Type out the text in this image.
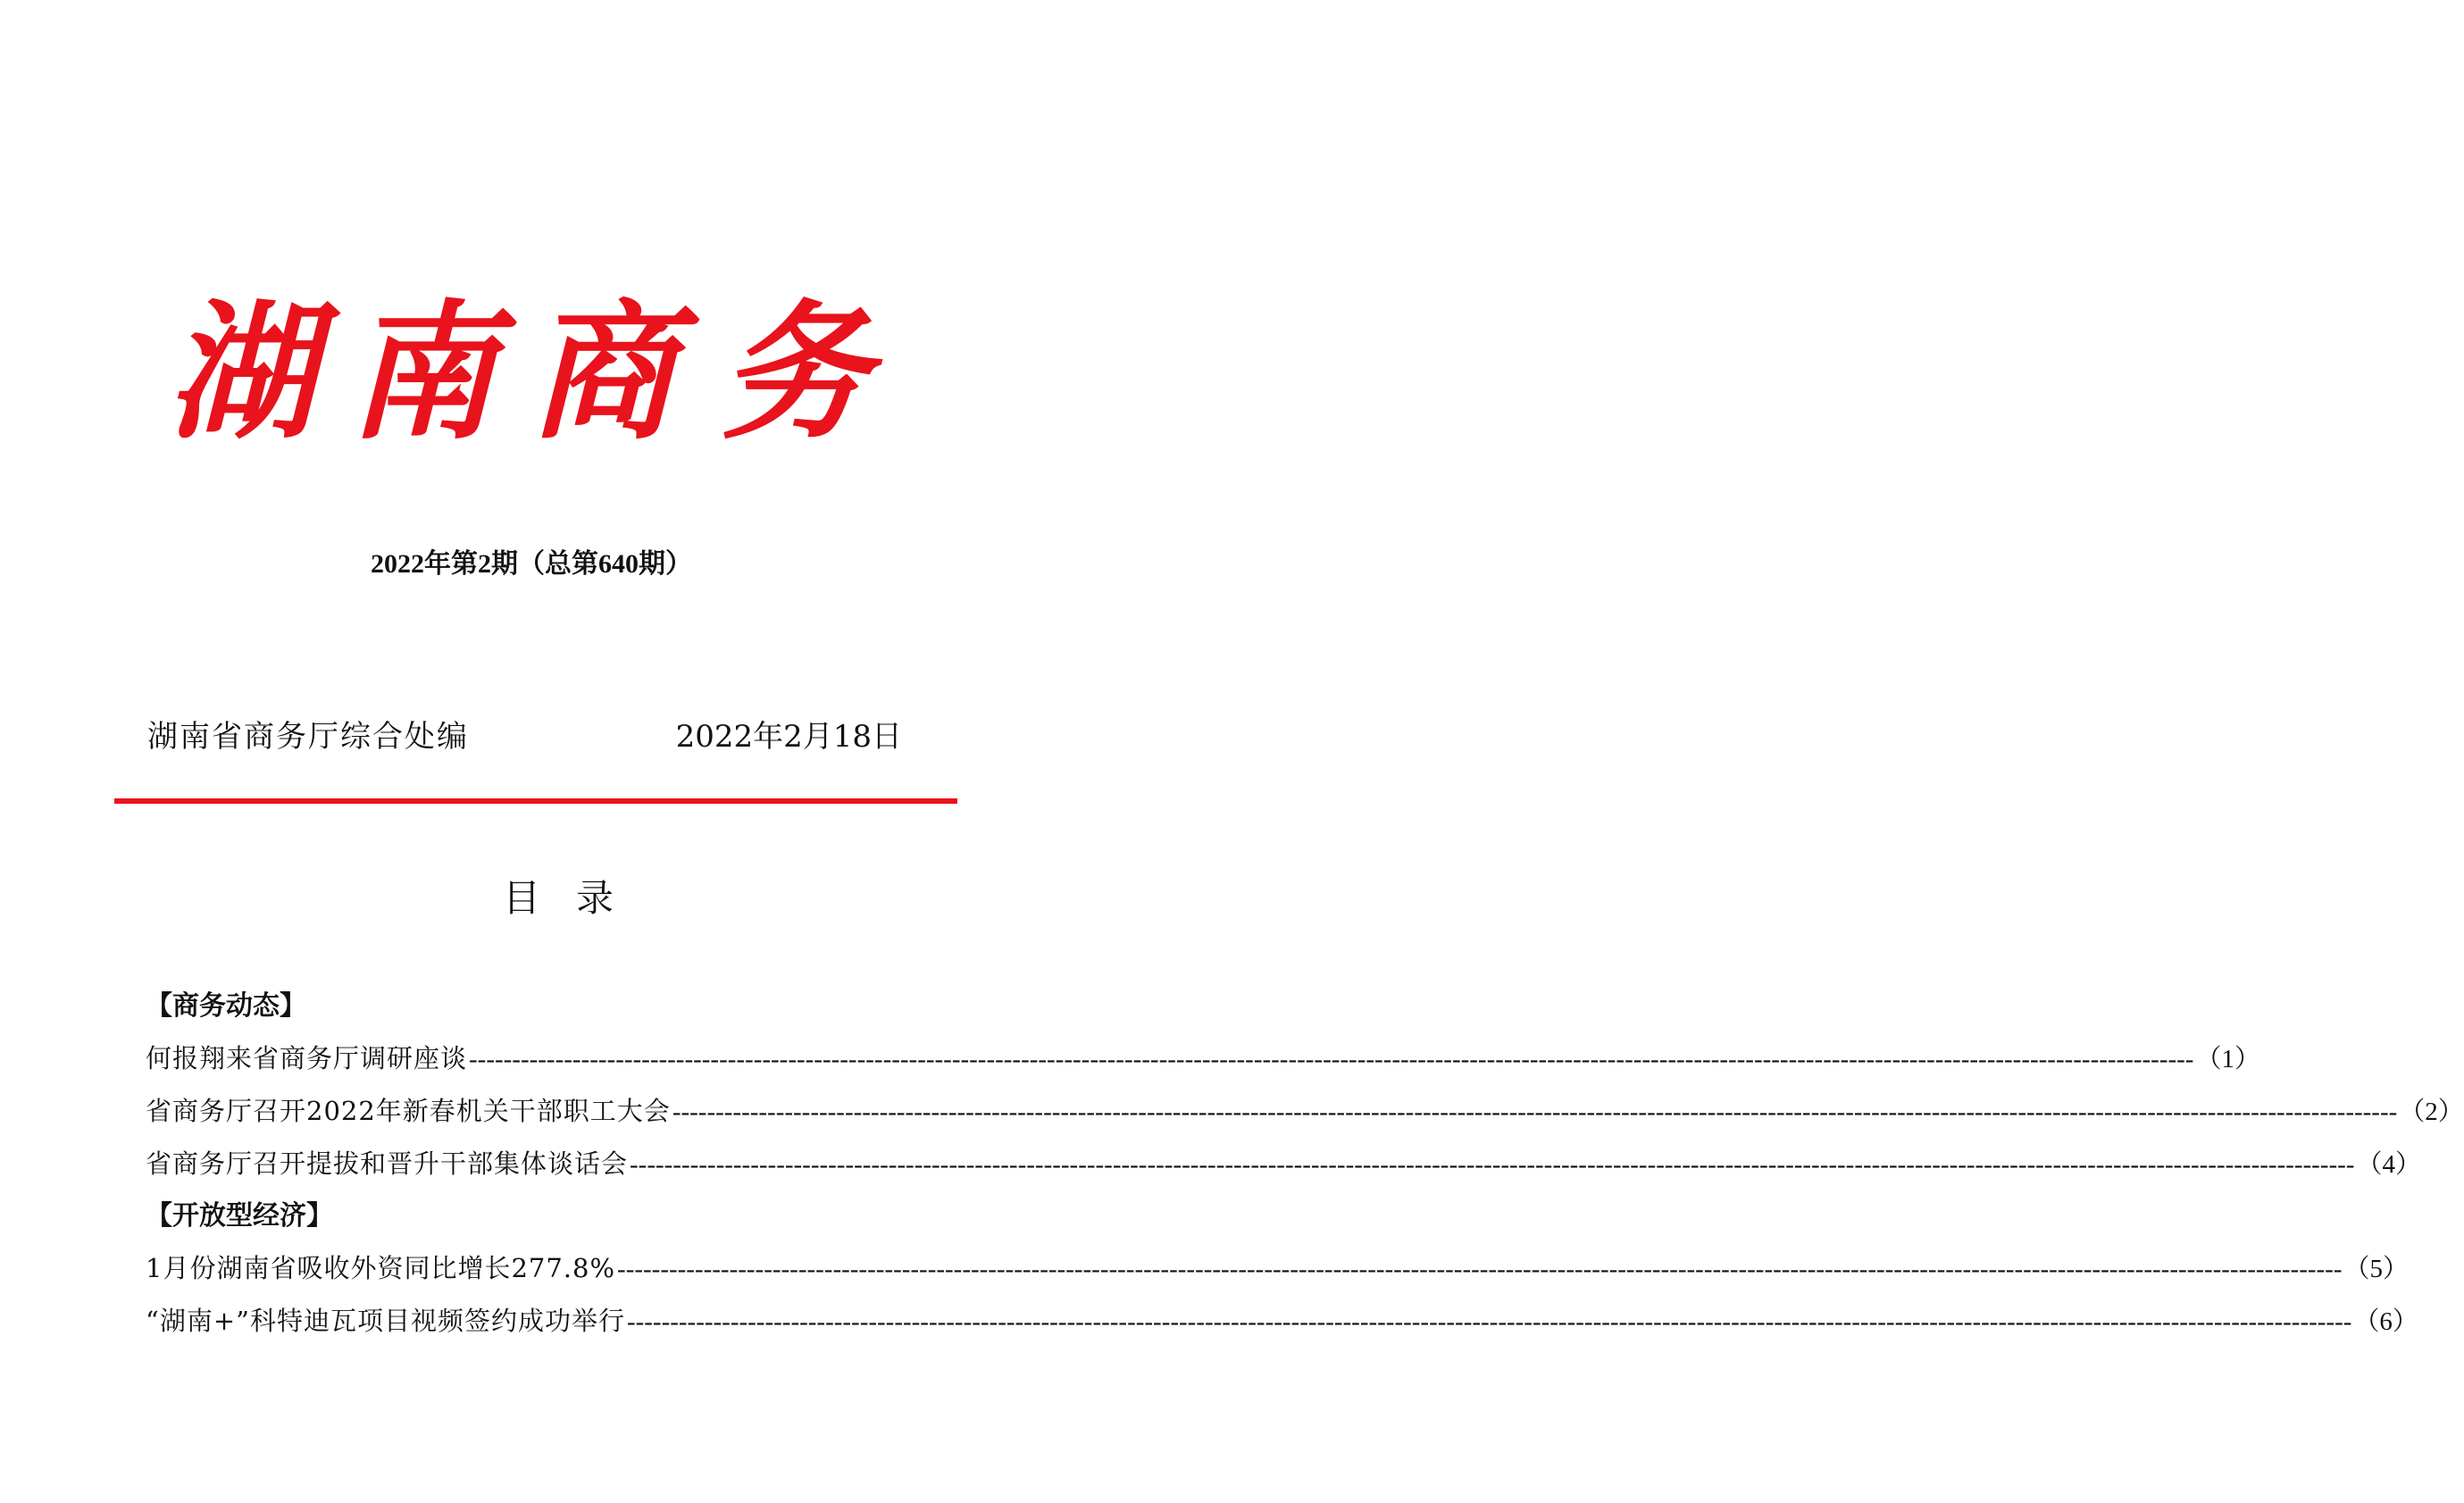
湖 南 商 务
2022年第2期（总第640期）
湖南省商务厅综合处编	2022年2月18日
目录
【商务动态】
何报翔来省商务厅调研座谈 -------------------------------------------------------------------------------------------------------------------------------------------------------------------------------------------------------- （1）
省商务厅召开2022年新春机关干部职工大会 -------------------------------------------------------------------------------------------------------------------------------------------------------------------------------------------------------- （2）
省商务厅召开提拔和晋升干部集体谈话会 -------------------------------------------------------------------------------------------------------------------------------------------------------------------------------------------------------- （4）
【开放型经济】
1月份湖南省吸收外资同比增长277.8% -------------------------------------------------------------------------------------------------------------------------------------------------------------------------------------------------------- （5）
“湖南+”科特迪瓦项目视频签约成功举行 -------------------------------------------------------------------------------------------------------------------------------------------------------------------------------------------------------- （6）
